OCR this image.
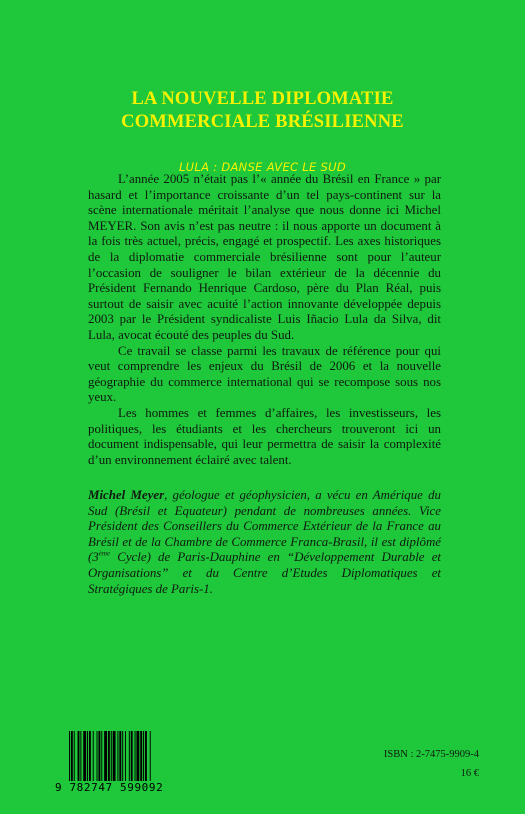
LA NOUVELLE DIPLOMATIE
COMMERCIALE BRÉSILIENNE
LULA : DANSE AVEC LE SUD

L’année 2005 n’était pas l’« année du Brésil en France » par hasard et l’importance croissante d’un tel pays-continent sur la scène internationale méritait l’analyse que nous donne ici Michel MEYER. Son avis n’est pas neutre : il nous apporte un document à la fois très actuel, précis, engagé et prospectif. Les axes historiques de la diplomatie commerciale brésilienne sont pour l’auteur l’occasion de souligner le bilan extérieur de la décennie du Président Fernando Henrique Cardoso, père du Plan Réal, puis surtout de saisir avec acuité l’action innovante développée depuis 2003 par le Président syndicaliste Luis Iñacio Lula da Silva, dit Lula, avocat écouté des peuples du Sud.

Ce travail se classe parmi les travaux de référence pour qui veut comprendre les enjeux du Brésil de 2006 et la nouvelle géographie du commerce international qui se recompose sous nos yeux.

Les hommes et femmes d’affaires, les investisseurs, les politiques, les étudiants et les chercheurs trouveront ici un document indispensable, qui leur permettra de saisir la complexité d’un environnement éclairé avec talent.

Michel Meyer, géologue et géophysicien, a vécu en Amérique du Sud (Brésil et Equateur) pendant de nombreuses années. Vice Président des Conseillers du Commerce Extérieur de la France au Brésil et de la Chambre de Commerce Franca-Brasil, il est diplômé (3ème Cycle) de Paris-Dauphine en “Développement Durable et Organisations” et du Centre d’Etudes Diplomatiques et Stratégiques de Paris-1.
9 782747 599092
ISBN : 2-7475-9909-4
16 €
